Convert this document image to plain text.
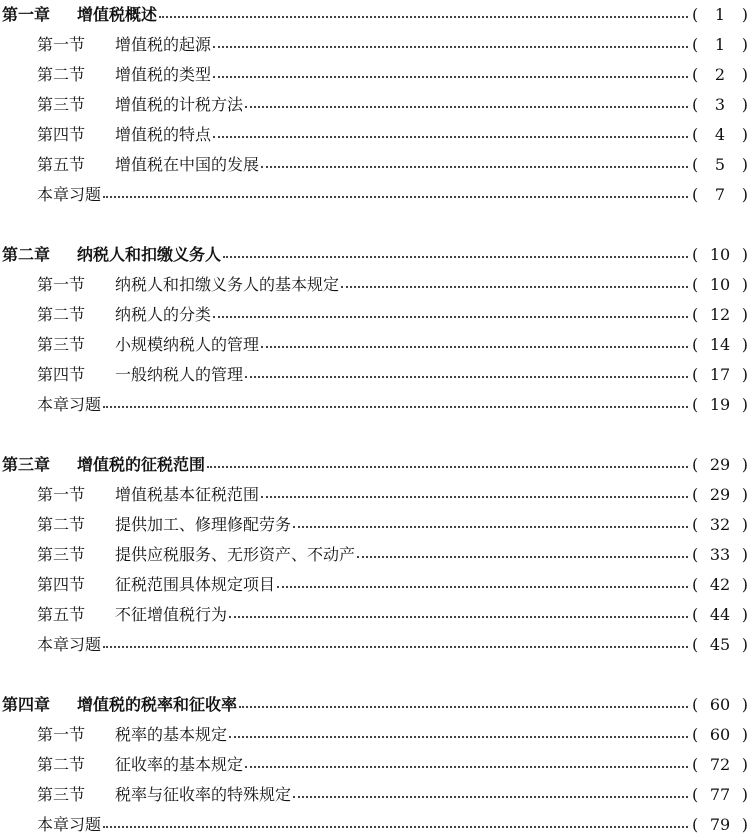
第一章	增值税概述	(	1	)
第一节	增值税的起源	(	1	)
第二节	增值税的类型	(	2	)
第三节	增值税的计税方法	(	3	)
第四节	增值税的特点	(	4	)
第五节	增值税在中国的发展	(	5	)
本章习题	(	7	)
第二章	纳税人和扣缴义务人	( 10 )
第一节	纳税人和扣缴义务人的基本规定	( 10 )
第二节	纳税人的分类	( 12 )
第三节	小规模纳税人的管理	( 14 )
第四节	一般纳税人的管理	( 17 )
本章习题	( 19 )
第三章	增值税的征税范围	( 29 )
第一节	增值税基本征税范围	( 29 )
第二节	提供加工、修理修配劳务	( 32 )
第三节	提供应税服务、无形资产、不动产	( 33 )
第四节	征税范围具体规定项目	( 42 )
第五节	不征增值税行为	( 44 )
本章习题	( 45 )
第四章	增值税的税率和征收率	( 60 )
第一节	税率的基本规定	( 60 )
第二节	征收率的基本规定	( 72 )
第三节	税率与征收率的特殊规定	( 77 )
本章习题	( 79 )
